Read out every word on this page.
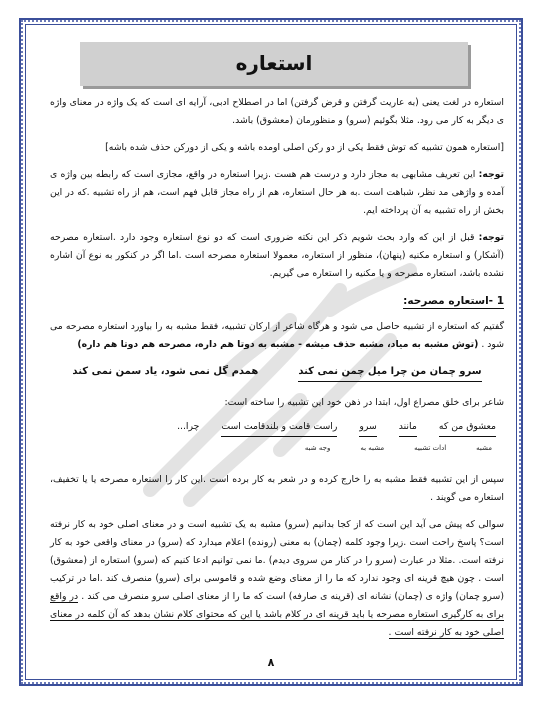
استعاره

استعاره در لغت یعنی (به عاریت گرفتن و قرض گرفتن) اما در اصطلاح ادبی، آرایه ای است که یک واژه در معنای واژه ی دیگر به کار می رود. مثلا بگوئیم (سرو) و منظورمان (معشوق) باشد.

[استعاره همون تشبیه که توش فقط یکی از دو رکن اصلی اومده باشه و یکی از دورکن حذف شده باشه]

توجه: این تعریف مشابهی به مجاز دارد و درست هم هست .زیرا استعاره در واقع، مجازی است که رابطه بین واژه ی آمده و واژهی مد نظر، شباهت است .به هر حال استعاره، هم از راه مجاز قابل فهم است، هم از راه تشبیه .که در این بخش از راه تشبیه به آن پرداخته ایم.

توجه: قبل از این که وارد بحث شویم ذکر این نکته ضروری است که دو نوع استعاره وجود دارد .استعاره مصرحه (آشکار) و استعاره مکنیه (پنهان)، منظور از استعاره، معمولا استعاره مصرحه است .اما اگر در کنکور به نوع آن اشاره نشده باشد، استعاره مصرحه و یا مکنیه را استعاره می گیریم.

1 -استعاره مصرحه:

گفتیم که استعاره از تشبیه حاصل می شود و هرگاه شاعر از ارکان تشبیه، فقط مشبه به را بیاورد استعاره مصرحه می شود . (توش مشبه به میاد، مشبه حذف میشه - مشبه به دوتا هم داره، مصرحه هم دوتا هم داره)

سرو چمان من چرا میل چمن نمی کند
همدم گل نمی شود، یاد سمن نمی کند

شاعر برای خلق مصراع اول، ابتدا در ذهن خود این تشبیه را ساخته است:

معشوق من که
مانند
سرو
راست قامت و بلندقامت است
چرا...
مشبه
ادات تشبیه
مشبه به
وجه شبه

سپس از این تشبیه فقط مشبه به را خارج کرده و در شعر به کار برده است .این کار را استعاره مصرحه یا یا تخفیف، استعاره می گویند .

سوالی که پیش می آید این است که از کجا بدانیم (سرو) مشبه به یک تشبیه است و در معنای اصلی خود به کار نرفته است؟ پاسخ راحت است .زیرا وجود کلمه (چمان) به معنی (رونده) اعلام میدارد که (سرو) در معنای واقعی خود به کار نرفته است. .مثلا در عبارت (سرو را در کنار من سروی دیدم) .ما نمی توانیم ادعا کنیم که (سرو) استعاره از (معشوق) است . چون هیچ قرینه ای وجود ندارد که ما را از معنای وضع شده و قاموسی برای (سرو) منصرف کند .اما در ترکیب (سرو چمان) واژه ی (چمان) نشانه ای (قرینه ی صارفه) است که ما را از معنای اصلی سرو منصرف می کند . در واقع برای به کارگیری استعاره مصرحه یا باید قرینه ای در کلام باشد یا این که محتوای کلام نشان بدهد که آن کلمه در معنای اصلی خود به کار نرفته است .

۸
